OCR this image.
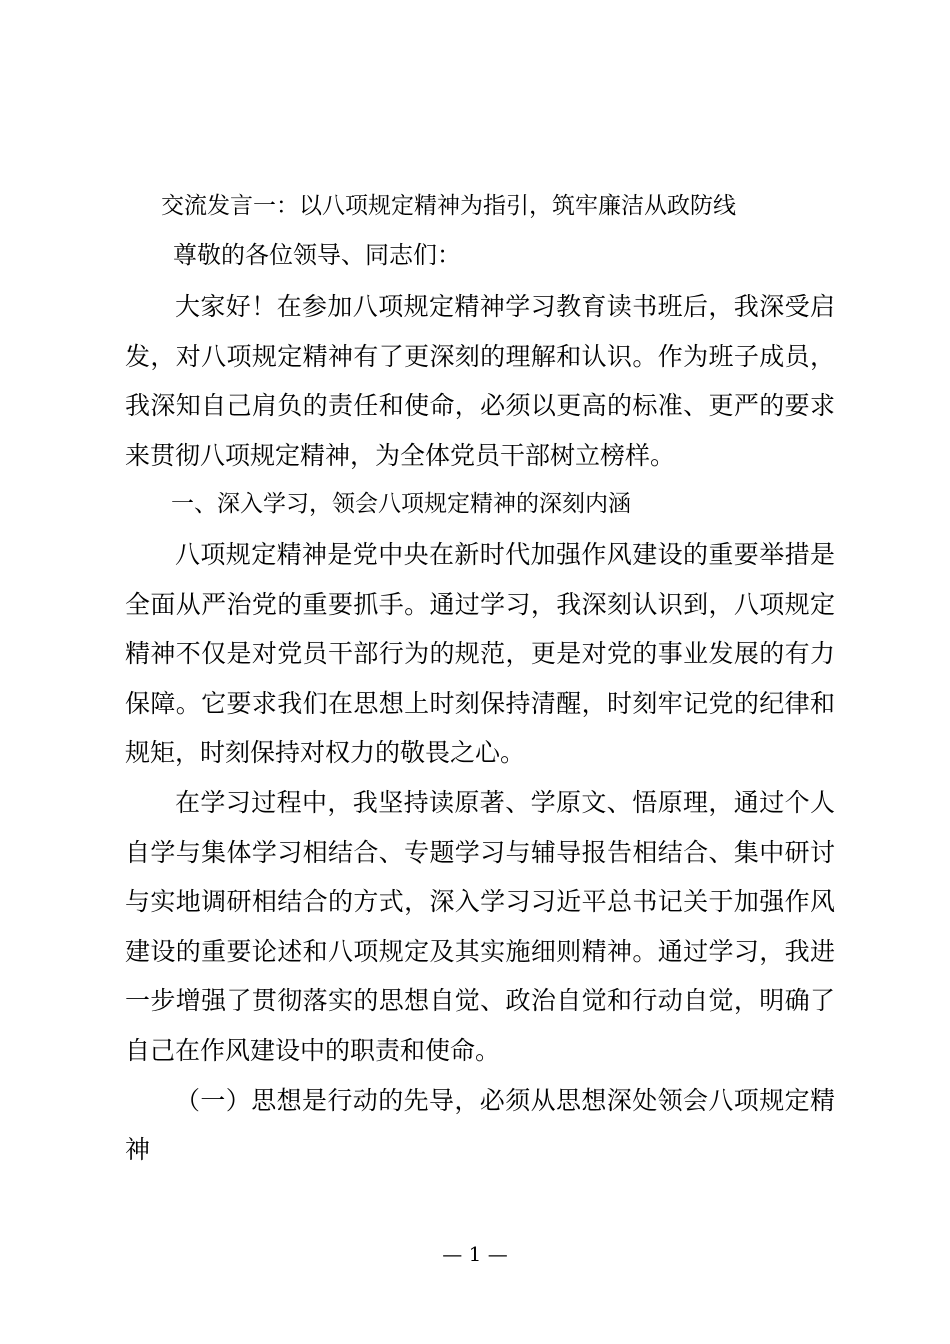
交流发言一：以八项规定精神为指引，筑牢廉洁从政防线
尊敬的各位领导、同志们：

大家好！在参加八项规定精神学习教育读书班后，我深受启发，对八项规定精神有了更深刻的理解和认识。作为班子成员，我深知自己肩负的责任和使命，必须以更高的标准、更严的要求来贯彻八项规定精神，为全体党员干部树立榜样。

一、深入学习，领会八项规定精神的深刻内涵

八项规定精神是党中央在新时代加强作风建设的重要举措是全面从严治党的重要抓手。通过学习，我深刻认识到，八项规定精神不仅是对党员干部行为的规范，更是对党的事业发展的有力保障。它要求我们在思想上时刻保持清醒，时刻牢记党的纪律和规矩，时刻保持对权力的敬畏之心。

在学习过程中，我坚持读原著、学原文、悟原理，通过个人自学与集体学习相结合、专题学习与辅导报告相结合、集中研讨与实地调研相结合的方式，深入学习习近平总书记关于加强作风建设的重要论述和八项规定及其实施细则精神。通过学习，我进一步增强了贯彻落实的思想自觉、政治自觉和行动自觉，明确了自己在作风建设中的职责和使命。

（一）思想是行动的先导，必须从思想深处领会八项规定精神

— 1 —
